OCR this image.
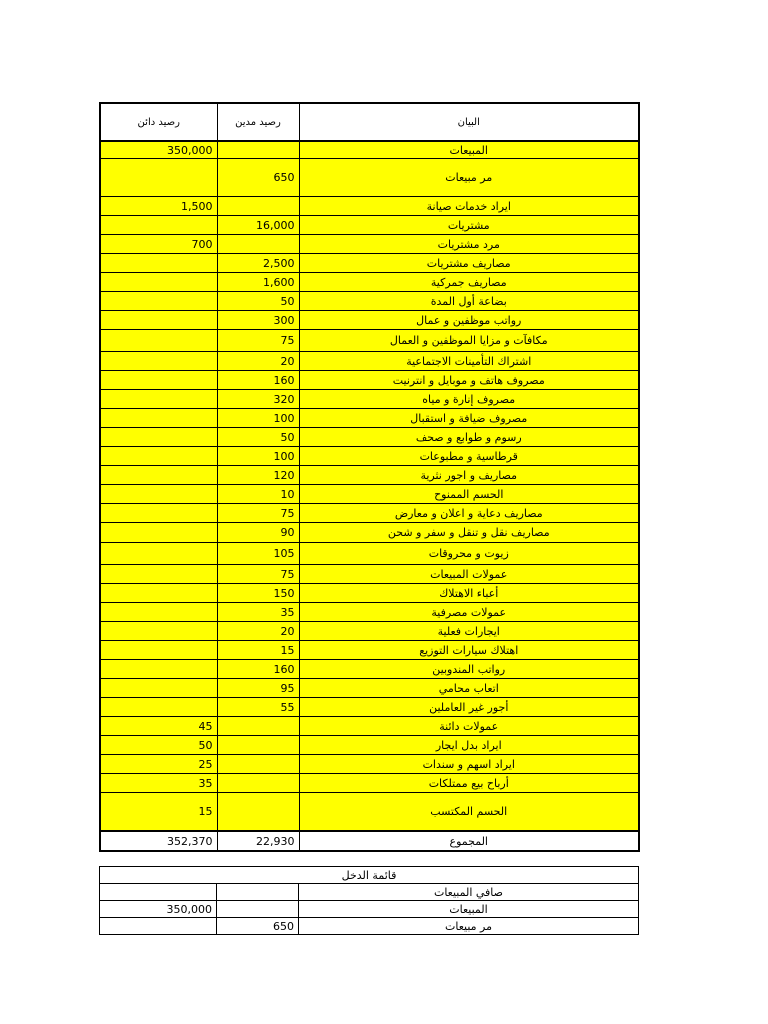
رصيد دائن	رصيد مدين	البيان
350,000		المبيعات
	650	مر مبيعات
1,500		ايراد خدمات صيانة
	16,000	مشتريات
700		مرد مشتريات
	2,500	مصاريف مشتريات
	1,600	مصاريف جمركية
	50	بضاعة أول المدة
	300	رواتب موظفين و عمال
	75	مكافآت و مزايا الموظفين و العمال
	20	اشتراك التأمينات الاجتماعية
	160	مصروف هاتف و موبايل و انترنيت
	320	مصروف إنارة و مياه
	100	مصروف ضيافة و استقبال
	50	رسوم و طوابع و صحف
	100	قرطاسية و مطبوعات
	120	مصاريف و اجور نثرية
	10	الحسم الممنوح
	75	مصاريف دعاية و اعلان و معارض
	90	مصاريف نقل و تنقل و سفر و شحن
	105	زيوت و محروقات
	75	عمولات المبيعات
	150	أعباء الاهتلاك
	35	عمولات مصرفية
	20	ايجارات فعلية
	15	اهتلاك سيارات التوزيع
	160	رواتب المندوبين
	95	اتعاب محامي
	55	أجور غير العاملين
45		عمولات دائنة
50		ايراد بدل ايجار
25		ايراد اسهم و سندات
35		أرباح بيع ممتلكات
15		الحسم المكتسب
352,370	22,930	المجموع
قائمة الدخل		
		صافي المبيعات
350,000		المبيعات
	650	مر مبيعات
